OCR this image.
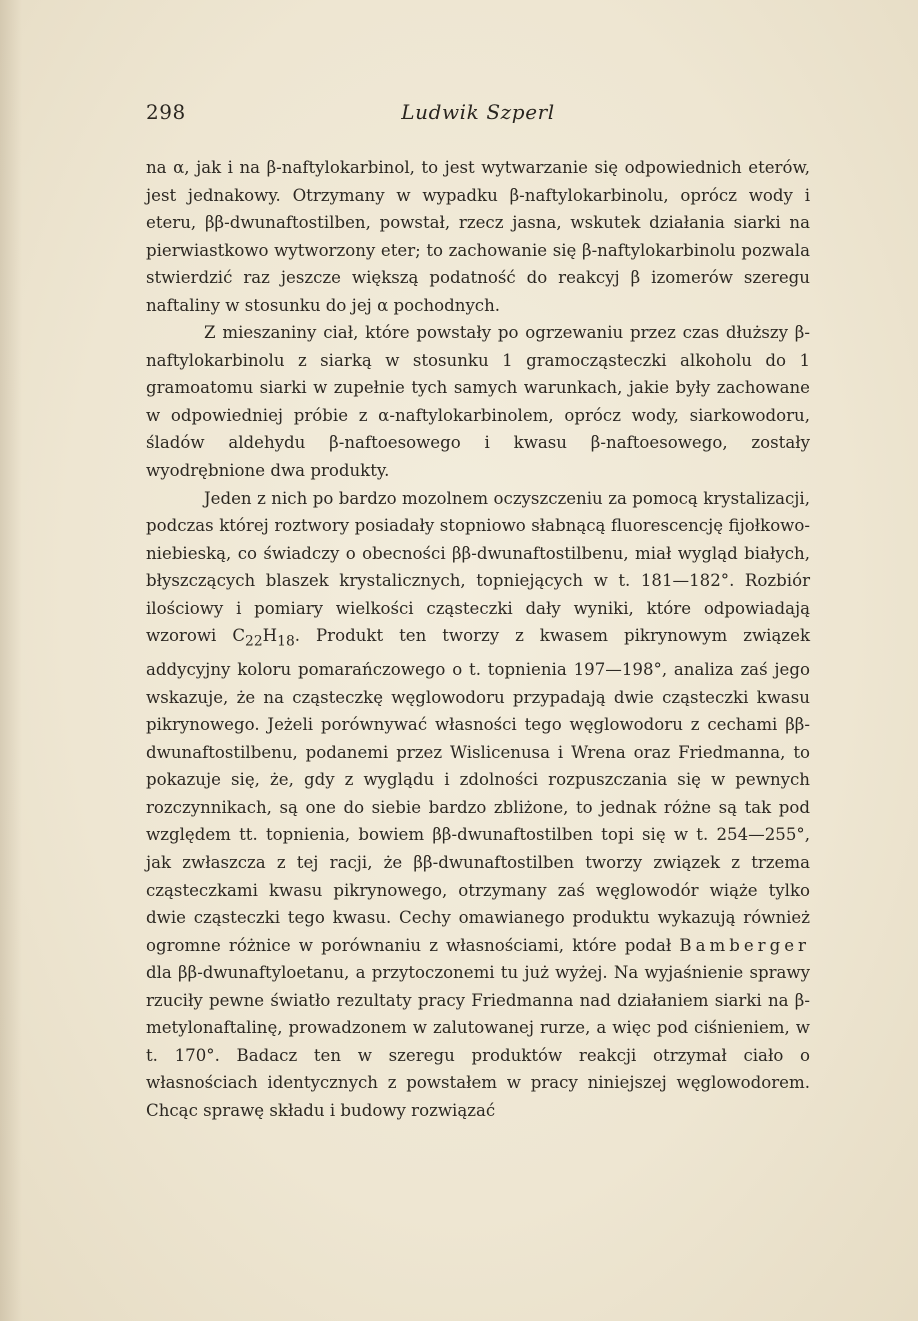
298	Ludwik Szperl

na α, jak i na β-naftylokarbinol, to jest wytwarzanie się odpowiednich eterów, jest jednakowy. Otrzymany w wypadku β-naftylokarbinolu, oprócz wody i eteru, ββ-dwunaftostilben, powstał, rzecz jasna, wskutek działania siarki na pierwiastkowo wytworzony eter; to zachowanie się β-naftylokarbinolu pozwala stwierdzić raz jeszcze większą podatność do reakcyj β izomerów szeregu naftaliny w stosunku do jej α pochodnych.

Z mieszaniny ciał, które powstały po ogrzewaniu przez czas dłuższy β-naftylokarbinolu z siarką w stosunku 1 gramocząsteczki alkoholu do 1 gramoatomu siarki w zupełnie tych samych warunkach, jakie były zachowane w odpowiedniej próbie z α-naftylokarbinolem, oprócz wody, siarkowodoru, śladów aldehydu β-naftoesowego i kwasu β-naftoesowego, zostały wyodrębnione dwa produkty.

Jeden z nich po bardzo mozolnem oczyszczeniu za pomocą krystalizacji, podczas której roztwory posiadały stopniowo słabnącą fluorescencję fijołkowo-niebieską, co świadczy o obecności ββ-dwunaftostilbenu, miał wygląd białych, błyszczących blaszek krystalicznych, topniejących w t. 181—182°. Rozbiór ilościowy i pomiary wielkości cząsteczki dały wyniki, które odpowiadają wzorowi $C_{22}H_{18}$. Produkt ten tworzy z kwasem pikrynowym związek addycyjny koloru pomarańczowego o t. topnienia 197—198°, analiza zaś jego wskazuje, że na cząsteczkę węglowodoru przypadają dwie cząsteczki kwasu pikrynowego. Jeżeli porównywać własności tego węglowodoru z cechami ββ-dwunaftostilbenu, podanemi przez Wislicenusa i Wrena oraz Friedmanna, to pokazuje się, że, gdy z wyglądu i zdolności rozpuszczania się w pewnych rozczynnikach, są one do siebie bardzo zbliżone, to jednak różne są tak pod względem tt. topnienia, bowiem ββ-dwunaftostilben topi się w t. 254—255°, jak zwłaszcza z tej racji, że ββ-dwunaftostilben tworzy związek z trzema cząsteczkami kwasu pikrynowego, otrzymany zaś węglowodór wiąże tylko dwie cząsteczki tego kwasu. Cechy omawianego produktu wykazują również ogromne różnice w porównaniu z własnościami, które podał Bamberger dla ββ-dwunaftyloetanu, a przytoczonemi tu już wyżej. Na wyjaśnienie sprawy rzuciły pewne światło rezultaty pracy Friedmanna nad działaniem siarki na β-metylonaftalinę, prowadzonem w zalutowanej rurze, a więc pod ciśnieniem, w t. 170°. Badacz ten w szeregu produktów reakcji otrzymał ciało o własnościach identycznych z powstałem w pracy niniejszej węglowodorem. Chcąc sprawę składu i budowy rozwiązać
